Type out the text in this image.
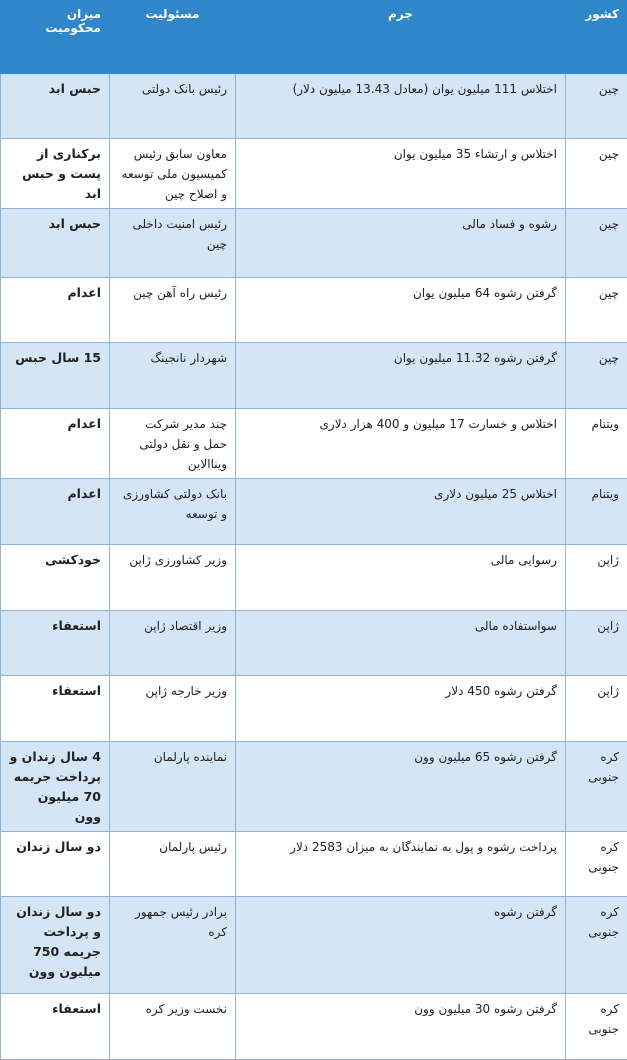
کشور	جرم	مسئولیت	میزان محکومیت
چین	اختلاس 111 میلیون یوان (معادل 13.43 میلیون دلار)	رئیس بانک دولتی	حبس ابد
چین	اختلاس و ارتشاء 35 میلیون یوان	معاون سابق رئیس کمیسیون ملی توسعه و اصلاح چین	برکناری از پست و حبس ابد
چین	رشوه و فساد مالی	رئیس امنیت داخلی چین	حبس ابد
چین	گرفتن رشوه 64 میلیون یوان	رئیس راه آهن چین	اعدام
چین	گرفتن رشوه 11.32 میلیون یوان	شهردار نانجینگ	15 سال حبس
ویتنام	اختلاس و خسارت 17 میلیون و 400 هزار دلاری	چند مدیر شرکت حمل و نقل دولتی ویناالاین	اعدام
ویتنام	اختلاس 25 میلیون دلاری	بانک دولتی کشاورزی و توسعه	اعدام
ژاپن	رسوایی مالی	وزیر کشاورزی ژاپن	خودکشی
ژاپن	سواستفاده مالی	وزیر اقتصاد ژاپن	استعفاء
ژاپن	گرفتن رشوه 450 دلار	وزیر خارجه ژاپن	استعفاء
کره جنوبی	گرفتن رشوه 65 میلیون وون	نماینده پارلمان	4 سال زندان و پرداخت جریمه 70 میلیون وون
کره جنوبی	پرداخت رشوه و پول به نمایندگان به میزان 2583 دلار	رئیس پارلمان	دو سال زندان
کره جنوبی	گرفتن رشوه	برادر رئیس جمهور کره	دو سال زندان و پرداخت جریمه 750 میلیون وون
کره جنوبی	گرفتن رشوه 30 میلیون وون	نخست وزیر کره	استعفاء
